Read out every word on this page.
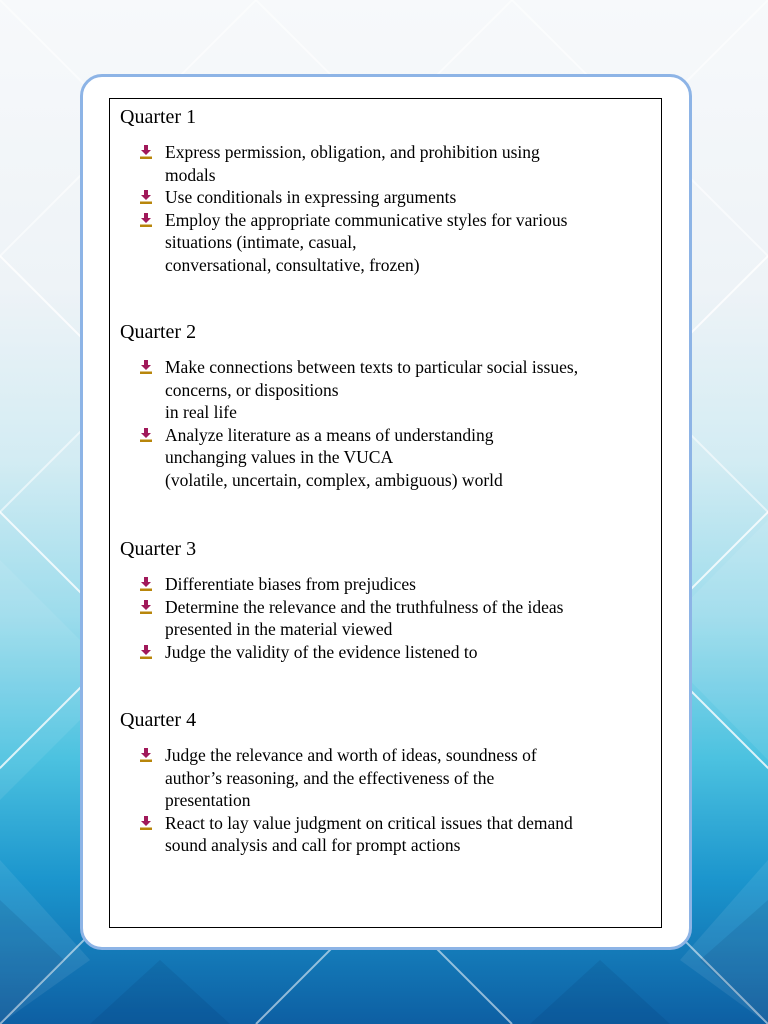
Quarter 1
Express permission, obligation, and prohibition using
modals
Use conditionals in expressing arguments
Employ the appropriate communicative styles for various
situations (intimate, casual,
conversational, consultative, frozen)
Quarter 2
Make connections between texts to particular social issues,
concerns, or dispositions
in real life
Analyze literature as a means of understanding
unchanging values in the VUCA
(volatile, uncertain, complex, ambiguous) world
Quarter 3
Differentiate biases from prejudices
Determine the relevance and the truthfulness of the ideas
presented in the material viewed
Judge the validity of the evidence listened to
Quarter 4
Judge the relevance and worth of ideas, soundness of
author’s reasoning, and the effectiveness of the
presentation
React to lay value judgment on critical issues that demand
sound analysis and call for prompt actions
